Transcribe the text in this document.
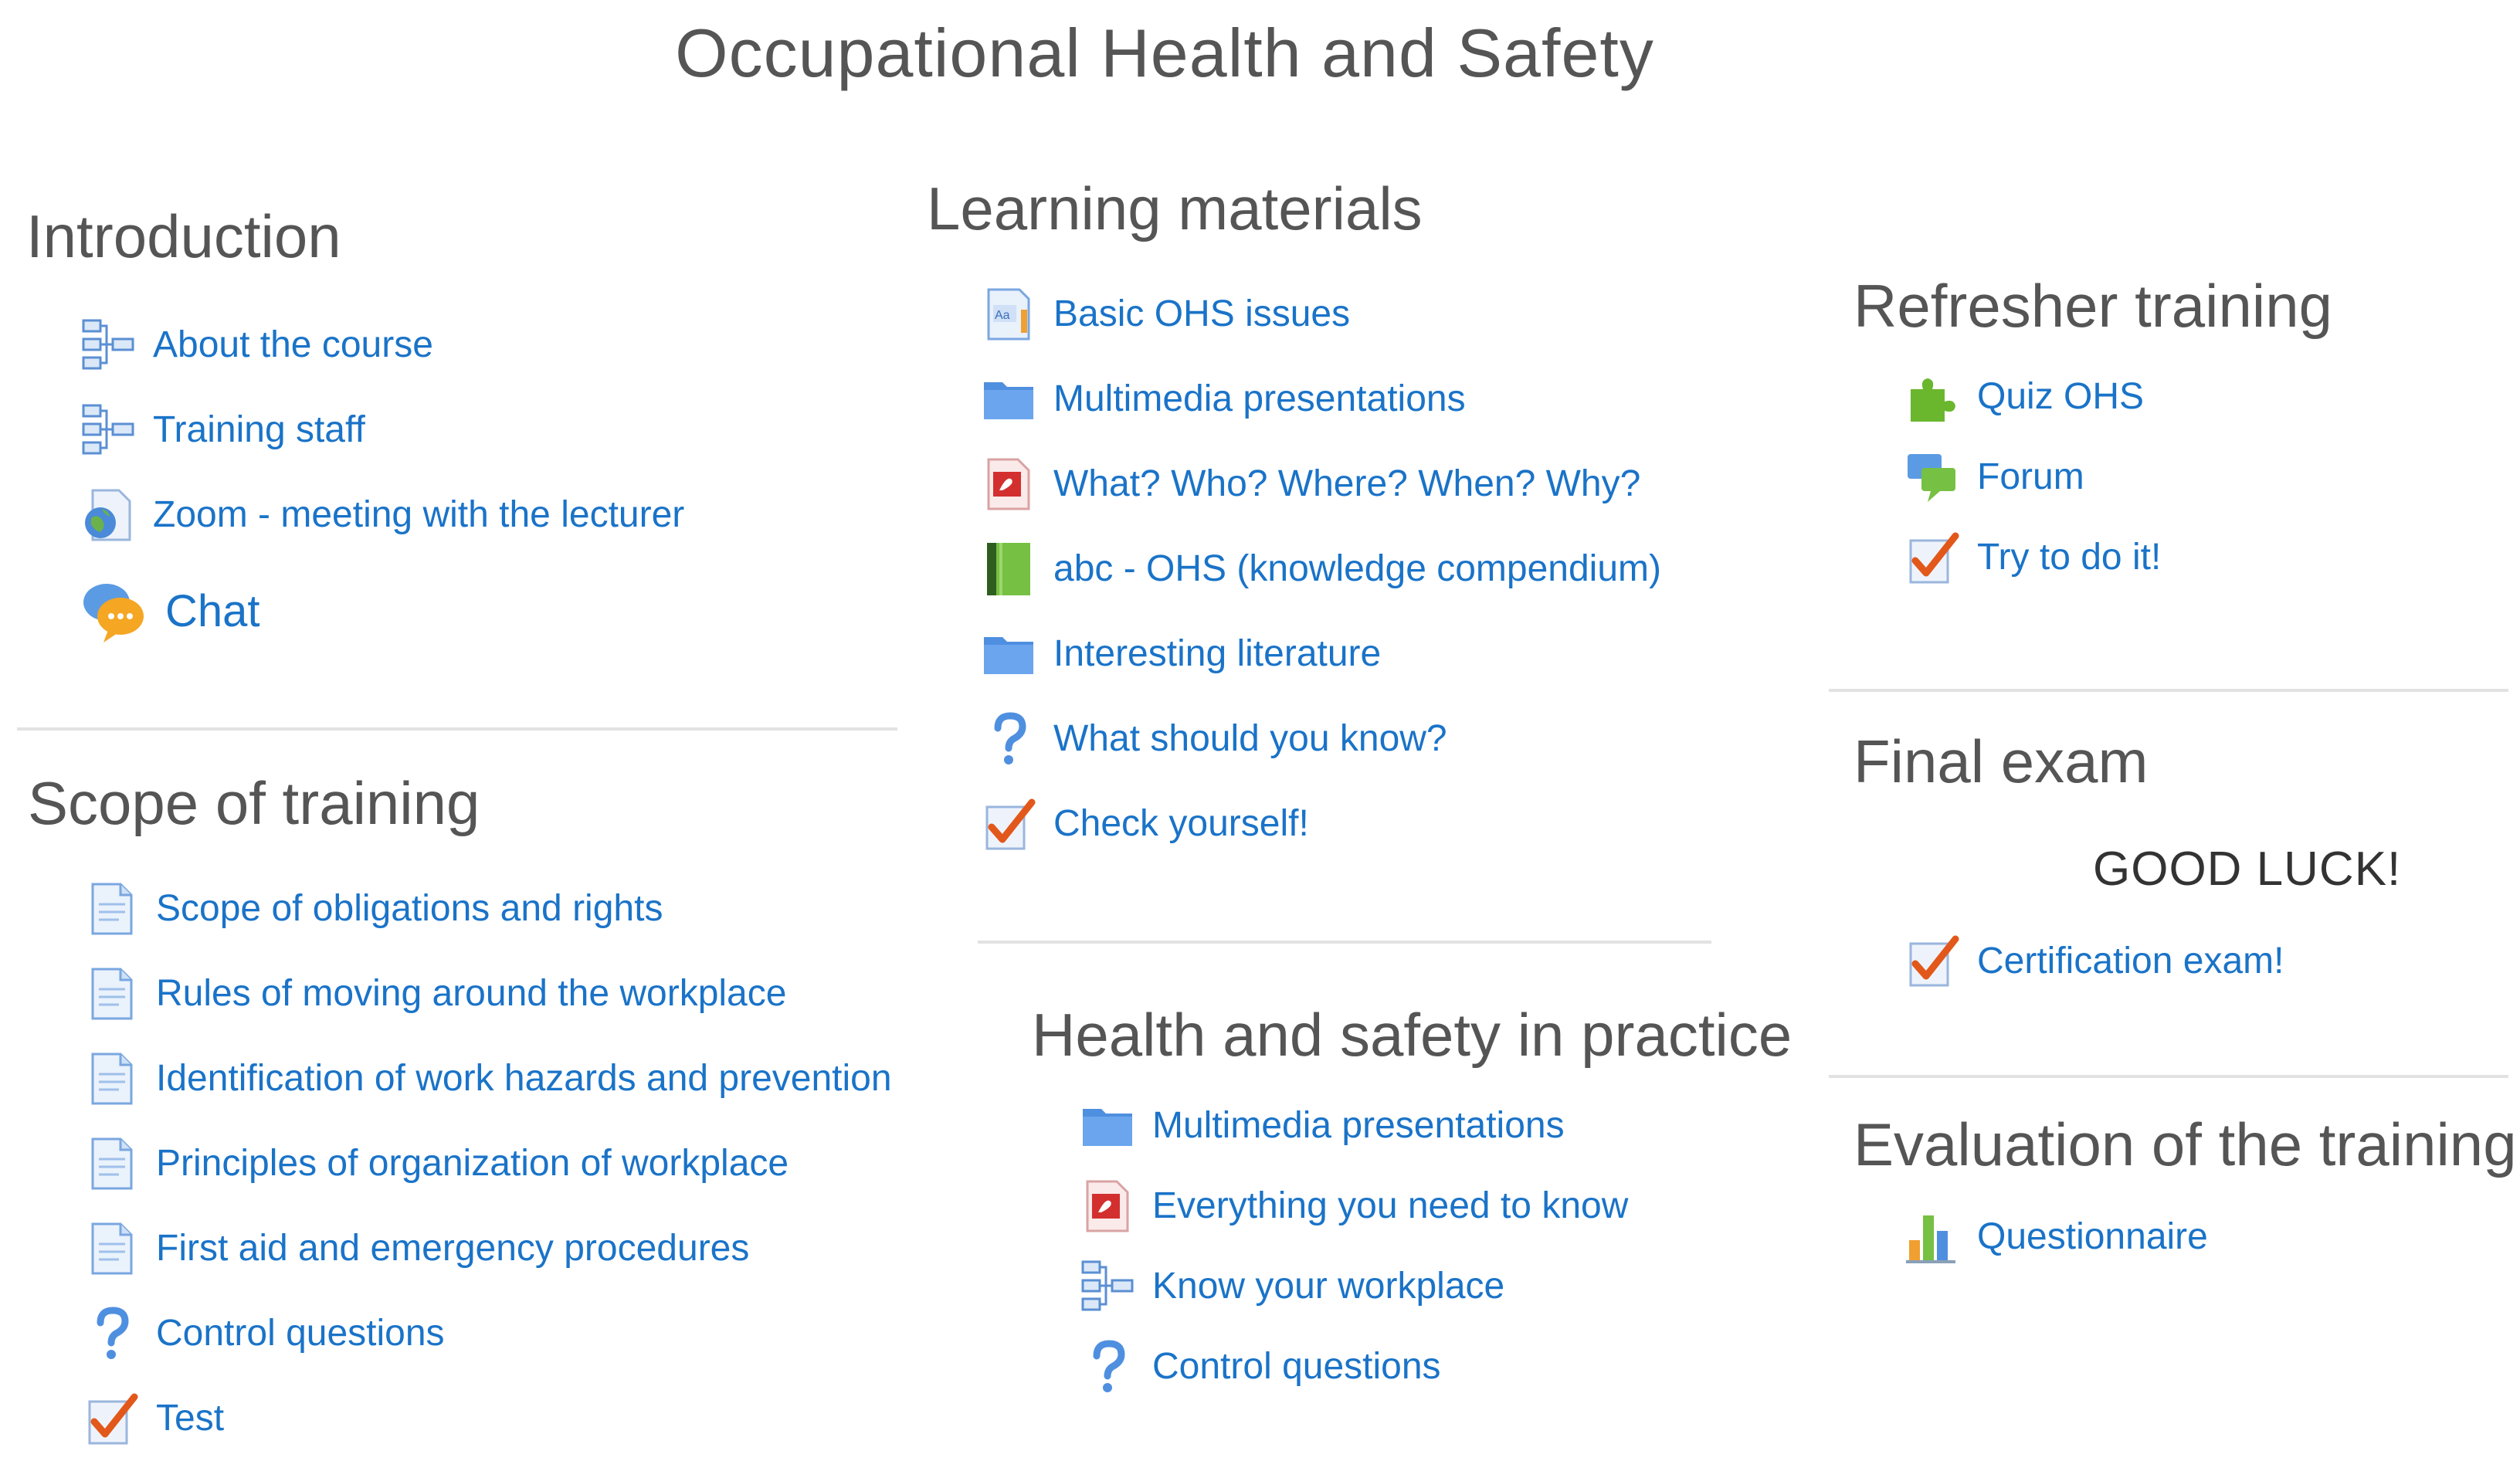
Occupational Health and Safety
Introduction
About the course
Training staff
Zoom - meeting with the lecturer
Chat
Scope of training
Scope of obligations and rights
Rules of moving around the workplace
Identification of work hazards and prevention
Principles of organization of workplace
First aid and emergency procedures
Control questions
Test
Learning materials
Basic OHS issues
Multimedia presentations
What? Who? Where? When? Why?
abc - OHS (knowledge compendium)
Interesting literature
What should you know?
Check yourself!
Health and safety in practice
Multimedia presentations
Everything you need to know
Know your workplace
Control questions
Refresher training
Quiz OHS
Forum
Try to do it!
Final exam
GOOD LUCK!
Certification exam!
Evaluation of the training
Questionnaire
